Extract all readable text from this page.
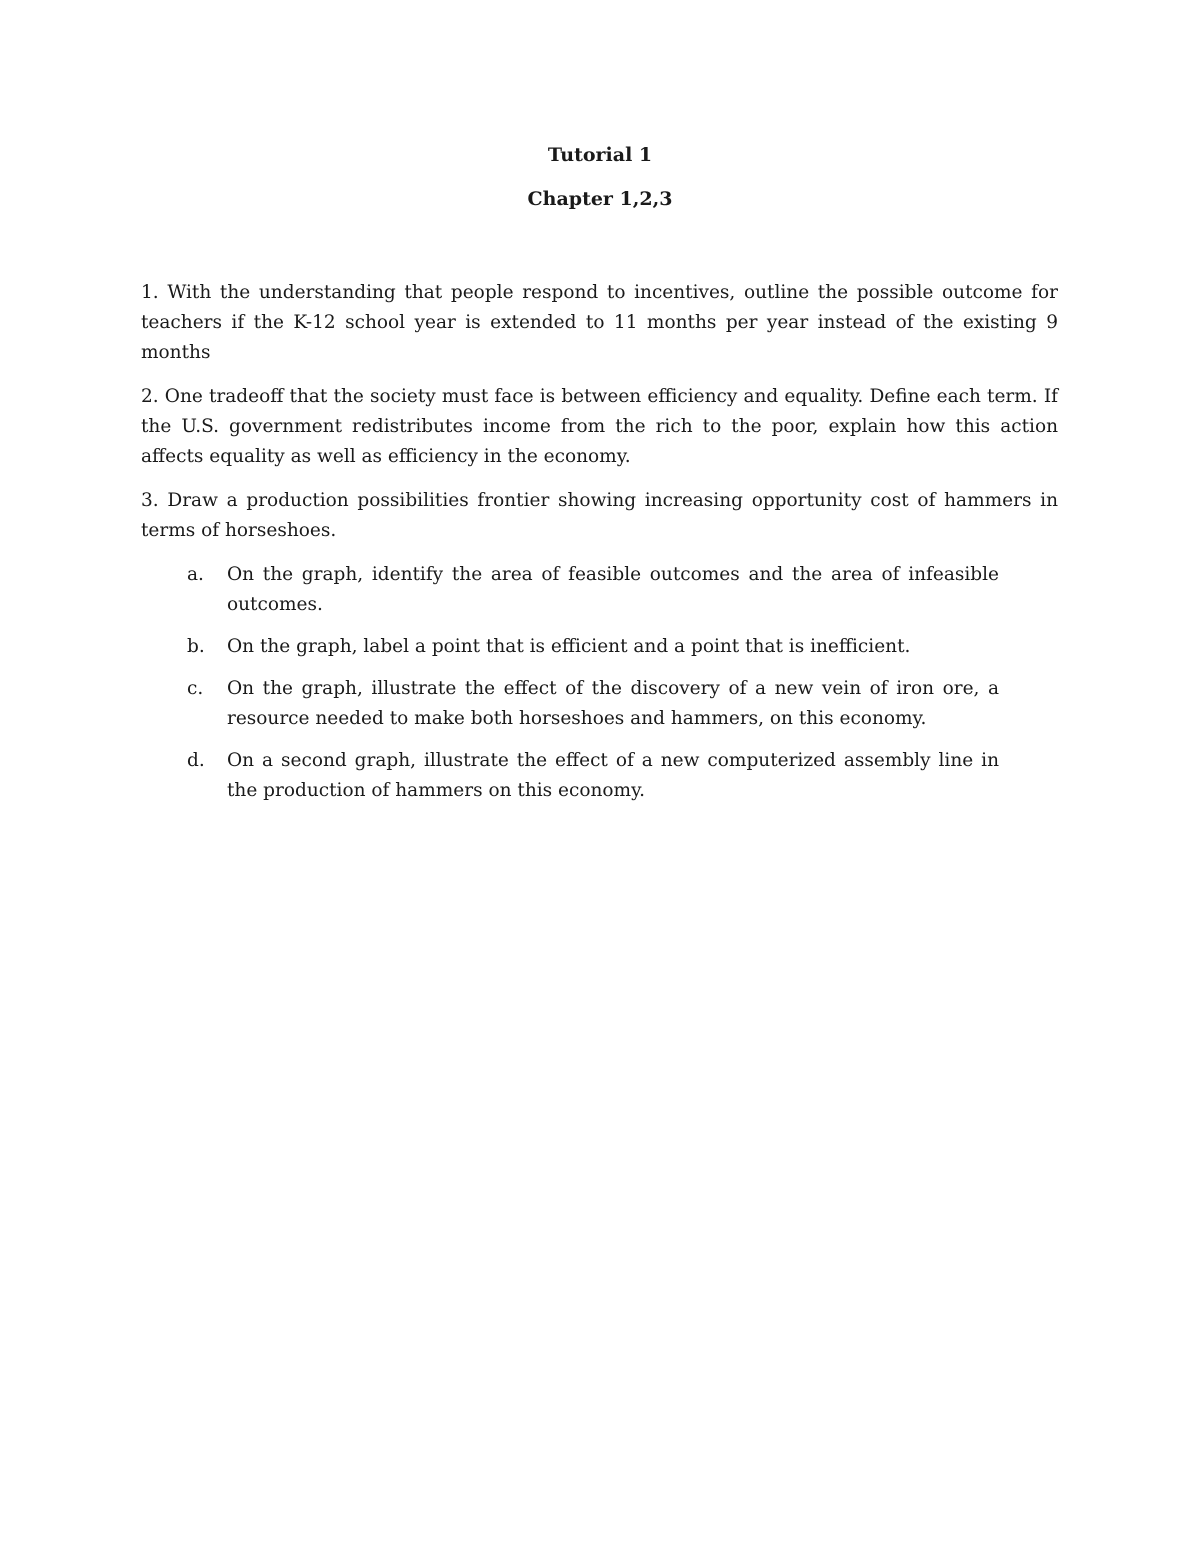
Tutorial 1
Chapter 1,2,3

1. With the understanding that people respond to incentives, outline the possible outcome for teachers if the K-12 school year is extended to 11 months per year instead of the existing 9 months

2. One tradeoff that the society must face is between efficiency and equality. Define each term. If the U.S. government redistributes income from the rich to the poor, explain how this action affects equality as well as efficiency in the economy.

3. Draw a production possibilities frontier showing increasing opportunity cost of hammers in terms of horseshoes.

a.	On the graph, identify the area of feasible outcomes and the area of infeasible outcomes.
b.	On the graph, label a point that is efficient and a point that is inefficient.
c.	On the graph, illustrate the effect of the discovery of a new vein of iron ore, a resource needed to make both horseshoes and hammers, on this economy.
d.	On a second graph, illustrate the effect of a new computerized assembly line in the production of hammers on this economy.
